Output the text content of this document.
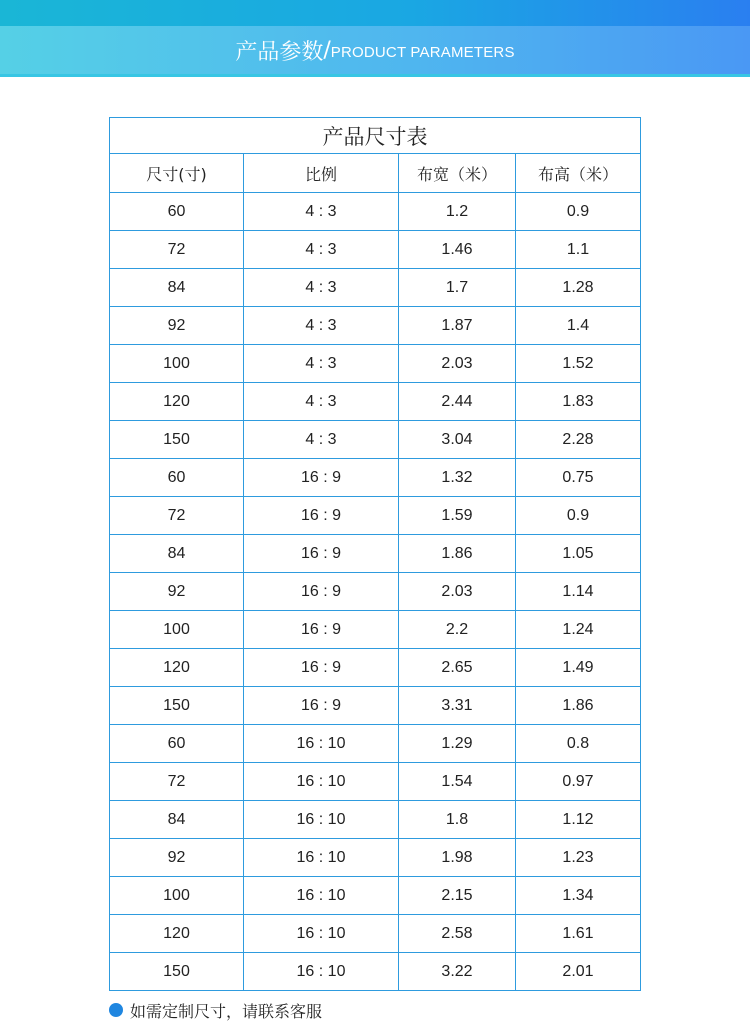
产品参数 / PRODUCT PARAMETERS
产品尺寸表			
尺寸(寸)	比例	布宽（米）	布高（米）
60	4 : 3	1.2	0.9
72	4 : 3	1.46	1.1
84	4 : 3	1.7	1.28
92	4 : 3	1.87	1.4
100	4 : 3	2.03	1.52
120	4 : 3	2.44	1.83
150	4 : 3	3.04	2.28
60	16 : 9	1.32	0.75
72	16 : 9	1.59	0.9
84	16 : 9	1.86	1.05
92	16 : 9	2.03	1.14
100	16 : 9	2.2	1.24
120	16 : 9	2.65	1.49
150	16 : 9	3.31	1.86
60	16 : 10	1.29	0.8
72	16 : 10	1.54	0.97
84	16 : 10	1.8	1.12
92	16 : 10	1.98	1.23
100	16 : 10	2.15	1.34
120	16 : 10	2.58	1.61
150	16 : 10	3.22	2.01
如需定制尺寸，请联系客服
